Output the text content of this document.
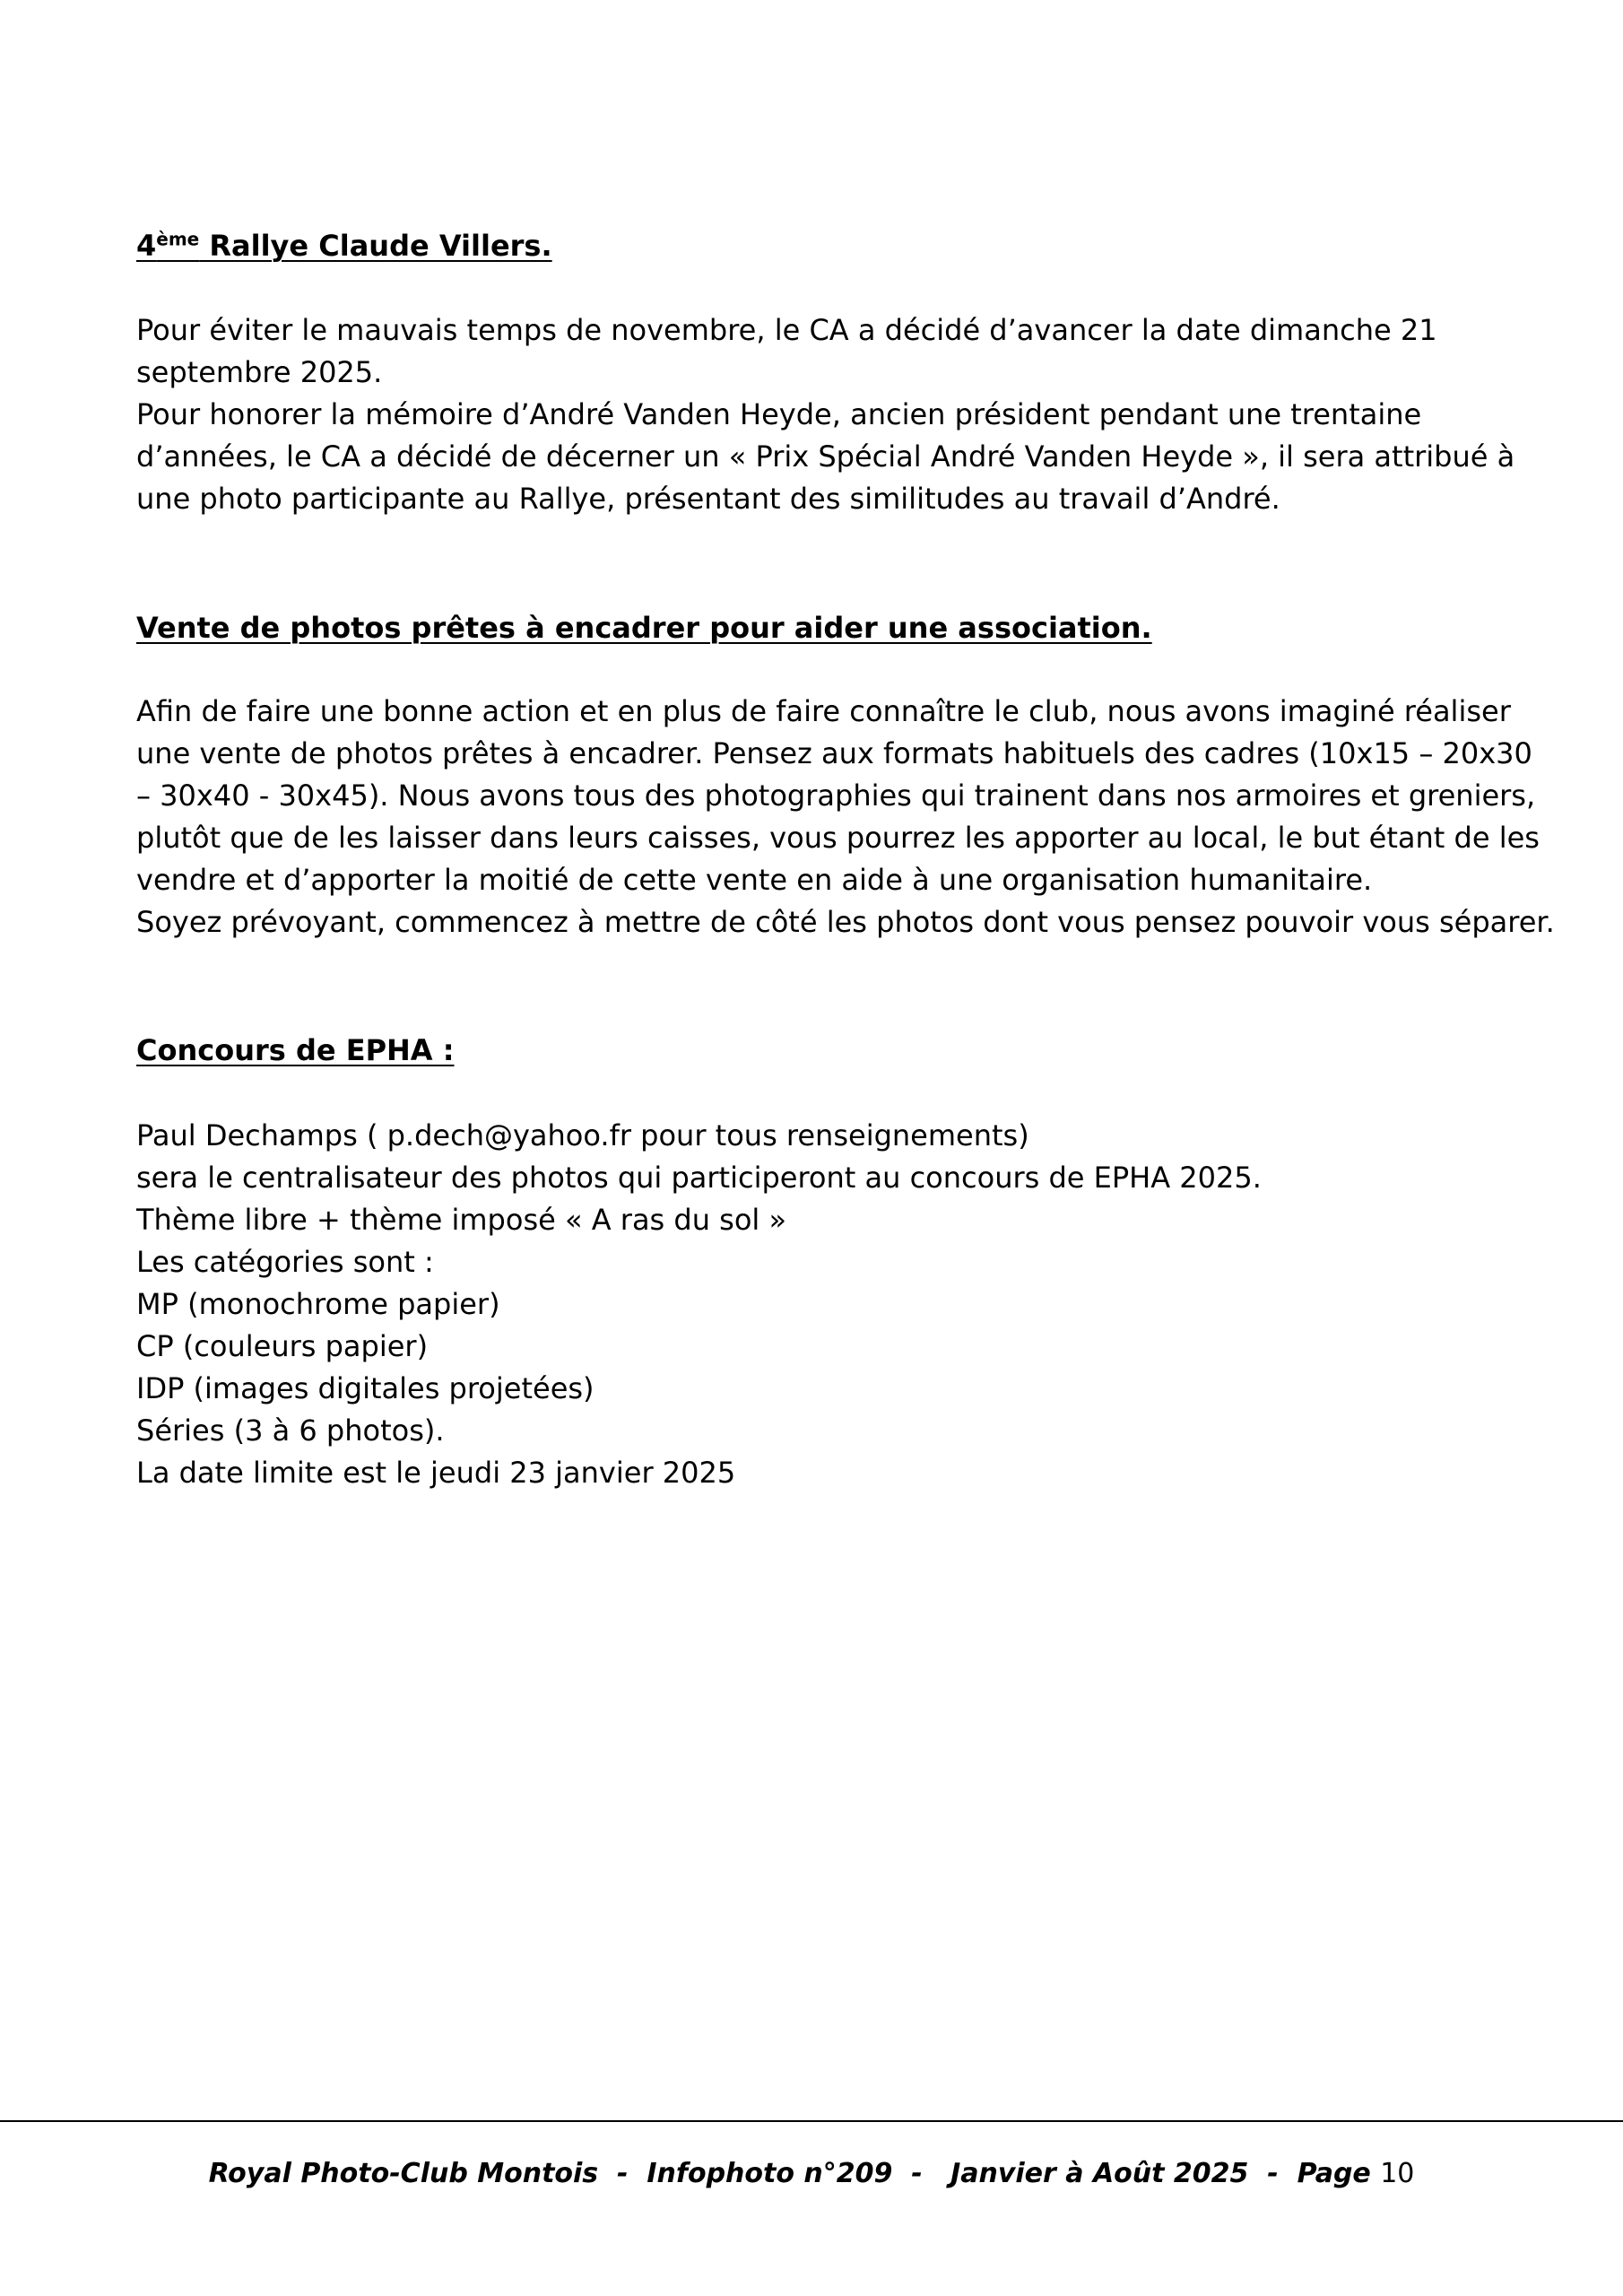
4ème Rallye Claude Villers.
Pour éviter le mauvais temps de novembre, le CA a décidé d’avancer la date dimanche 21
septembre 2025.
Pour honorer la mémoire d’André Vanden Heyde, ancien président pendant une trentaine
d’années, le CA a décidé de décerner un « Prix Spécial André Vanden Heyde », il sera attribué à
une photo participante au Rallye, présentant des similitudes au travail d’André.
Vente de photos prêtes à encadrer pour aider une association.
Afin de faire une bonne action et en plus de faire connaître le club, nous avons imaginé réaliser
une vente de photos prêtes à encadrer. Pensez aux formats habituels des cadres (10x15 – 20x30
– 30x40 - 30x45). Nous avons tous des photographies qui trainent dans nos armoires et greniers,
plutôt que de les laisser dans leurs caisses, vous pourrez les apporter au local, le but étant de les
vendre et d’apporter la moitié de cette vente en aide à une organisation humanitaire.
Soyez prévoyant, commencez à mettre de côté les photos dont vous pensez pouvoir vous séparer.
Concours de EPHA :
Paul Dechamps ( p.dech@yahoo.fr pour tous renseignements)
sera le centralisateur des photos qui participeront au concours de EPHA 2025.
Thème libre + thème imposé « A ras du sol »
Les catégories sont :
MP (monochrome papier)
CP (couleurs papier)
IDP (images digitales projetées)
Séries (3 à 6 photos).
La date limite est le jeudi 23 janvier 2025
Royal Photo-Club Montois  -  Infophoto n°209  -   Janvier à Août 2025  -  Page 10
